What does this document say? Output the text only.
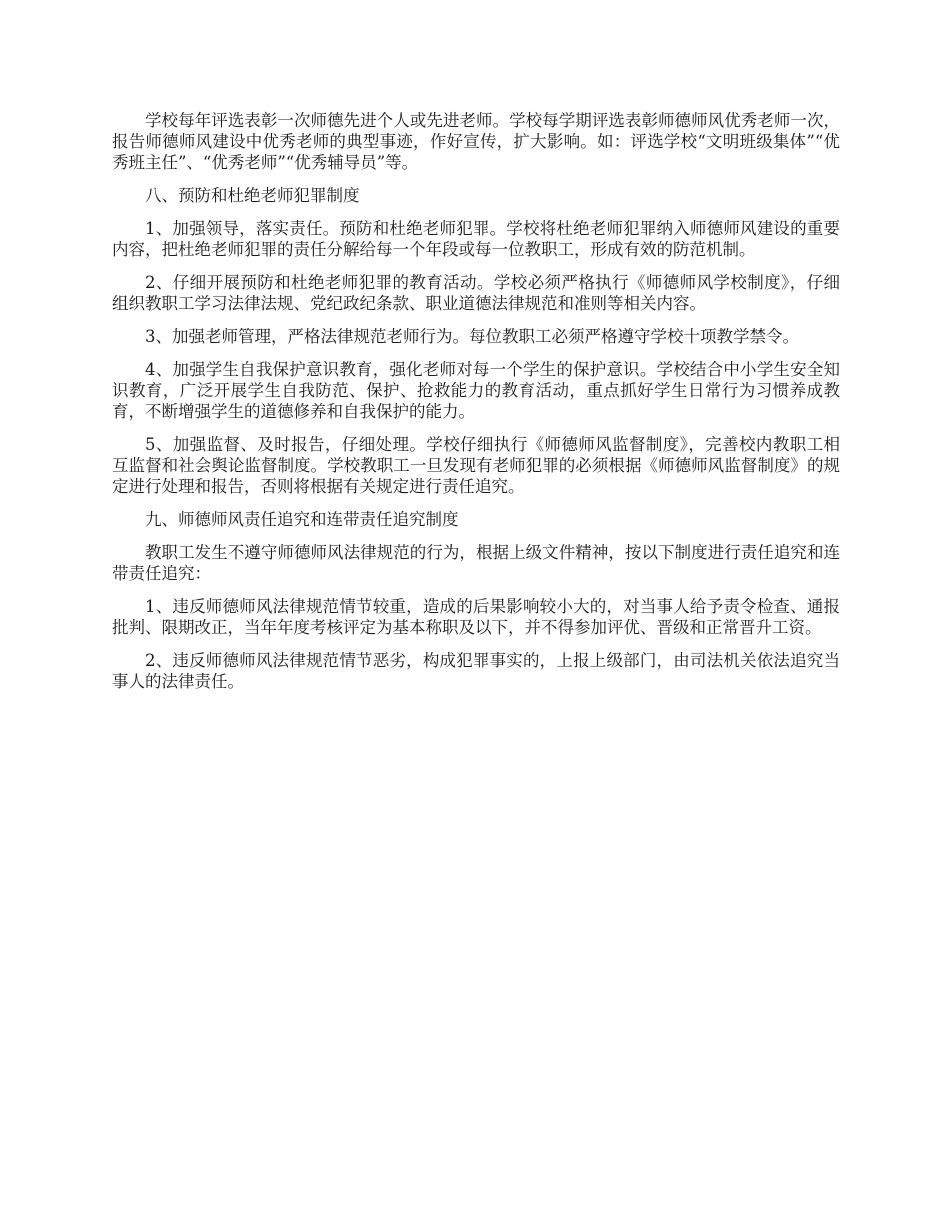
学校每年评选表彰一次师德先进个人或先进老师。学校每学期评选表彰师德师风优秀老师一次，报告师德师风建设中优秀老师的典型事迹，作好宣传，扩大影响。如：评选学校“文明班级集体”“优秀班主任”、“优秀老师”“优秀辅导员”等。

八、预防和杜绝老师犯罪制度

1、加强领导，落实责任。预防和杜绝老师犯罪。学校将杜绝老师犯罪纳入师德师风建设的重要内容，把杜绝老师犯罪的责任分解给每一个年段或每一位教职工，形成有效的防范机制。

2、仔细开展预防和杜绝老师犯罪的教育活动。学校必须严格执行《师德师风学校制度》，仔细组织教职工学习法律法规、党纪政纪条款、职业道德法律规范和准则等相关内容。

3、加强老师管理，严格法律规范老师行为。每位教职工必须严格遵守学校十项教学禁令。

4、加强学生自我保护意识教育，强化老师对每一个学生的保护意识。学校结合中小学生安全知识教育，广泛开展学生自我防范、保护、抢救能力的教育活动，重点抓好学生日常行为习惯养成教育，不断增强学生的道德修养和自我保护的能力。

5、加强监督、及时报告，仔细处理。学校仔细执行《师德师风监督制度》，完善校内教职工相互监督和社会舆论监督制度。学校教职工一旦发现有老师犯罪的必须根据《师德师风监督制度》的规定进行处理和报告，否则将根据有关规定进行责任追究。

九、师德师风责任追究和连带责任追究制度

教职工发生不遵守师德师风法律规范的行为，根据上级文件精神，按以下制度进行责任追究和连带责任追究：

1、违反师德师风法律规范情节较重，造成的后果影响较小大的，对当事人给予责令检查、通报批判、限期改正，当年年度考核评定为基本称职及以下，并不得参加评优、晋级和正常晋升工资。

2、违反师德师风法律规范情节恶劣，构成犯罪事实的，上报上级部门，由司法机关依法追究当事人的法律责任。
